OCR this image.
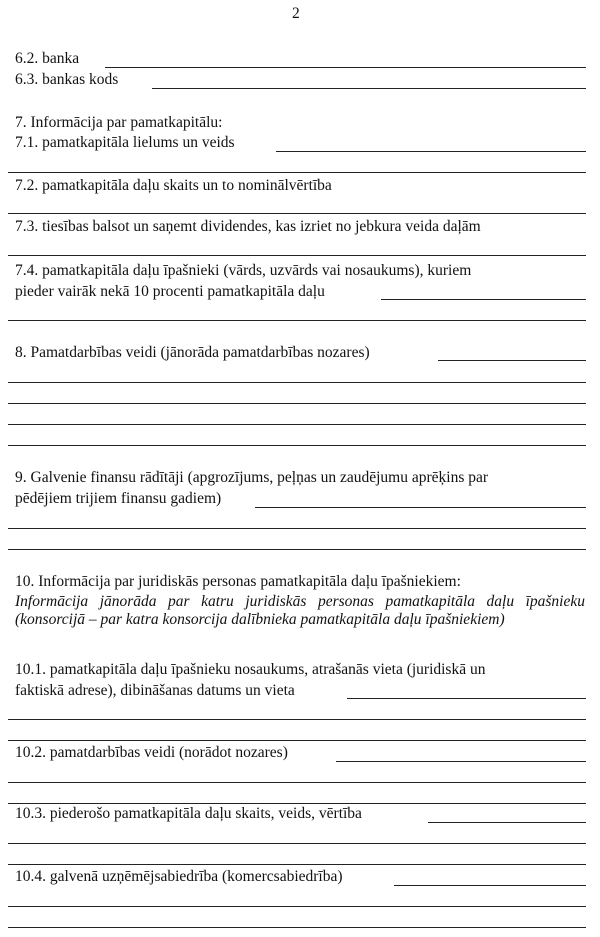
2
6.2. banka
6.3. bankas kods
7. Informācija par pamatkapitālu:
7.1. pamatkapitāla lielums un veids
7.2. pamatkapitāla daļu skaits un to nominālvērtība
7.3. tiesības balsot un saņemt dividendes, kas izriet no jebkura veida daļām
7.4. pamatkapitāla daļu īpašnieki (vārds, uzvārds vai nosaukums), kuriem
pieder vairāk nekā 10 procenti pamatkapitāla daļu
8. Pamatdarbības veidi (jānorāda pamatdarbības nozares)
9. Galvenie finansu rādītāji (apgrozījums, peļņas un zaudējumu aprēķins par
pēdējiem trijiem finansu gadiem)
10. Informācija par juridiskās personas pamatkapitāla daļu īpašniekiem:
Informācija jānorāda par katru juridiskās personas pamatkapitāla daļu īpašnieku (konsorcijā – par katra konsorcija dalībnieka pamatkapitāla daļu īpašniekiem)
10.1. pamatkapitāla daļu īpašnieku nosaukums, atrašanās vieta (juridiskā un
faktiskā adrese), dibināšanas datums un vieta
10.2. pamatdarbības veidi (norādot nozares)
10.3. piederošo pamatkapitāla daļu skaits, veids, vērtība
10.4. galvenā uzņēmējsabiedrība (komercsabiedrība)
